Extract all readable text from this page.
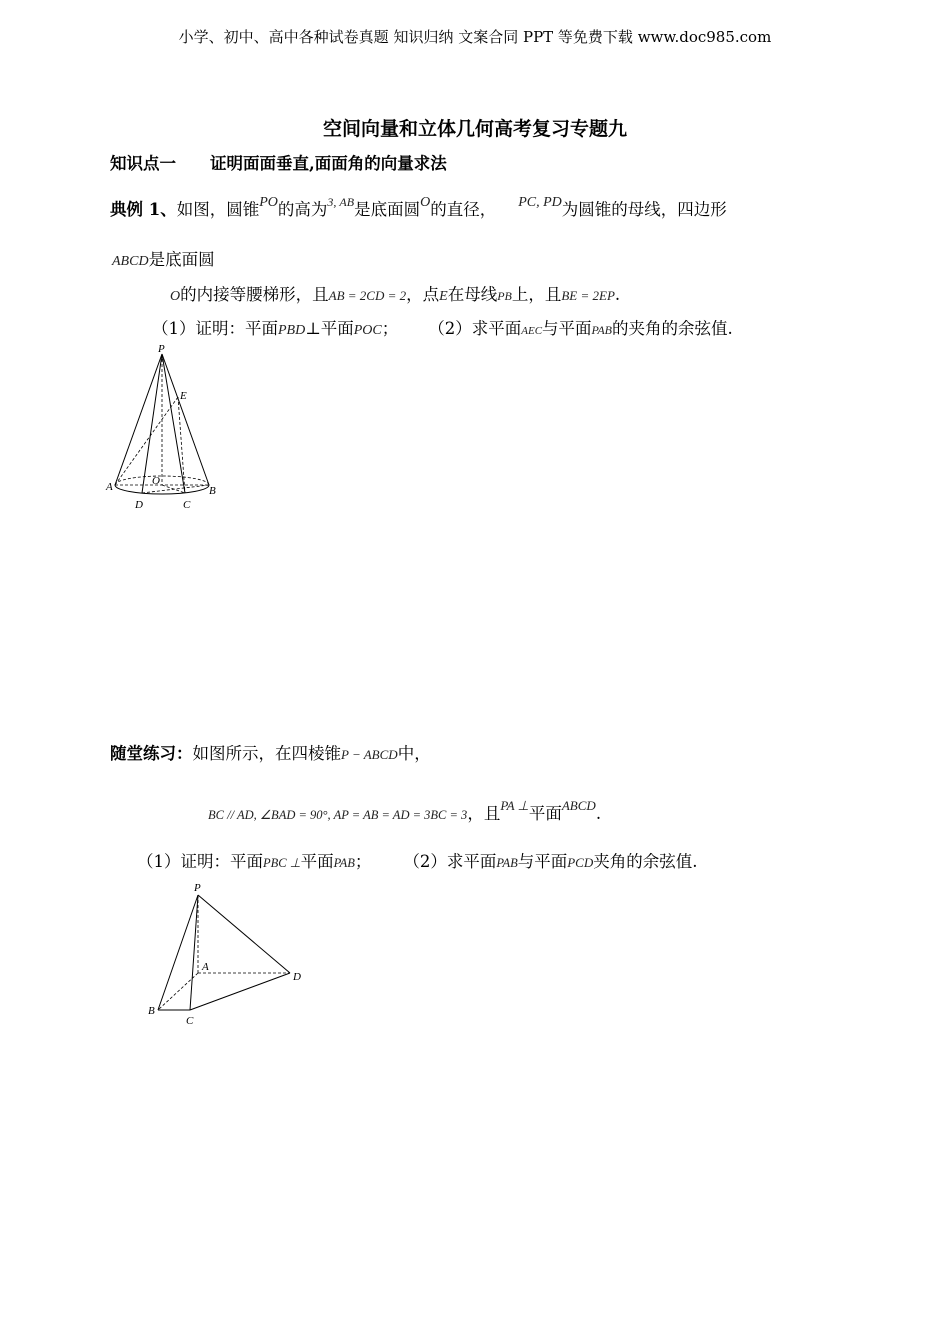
小学、初中、高中各种试卷真题 知识归纳 文案合同 PPT 等免费下载 www.doc985.com
空间向量和立体几何高考复习专题九
知识点一 证明面面垂直,面面角的向量求法
典例 1、如图，圆锥$^{PO}$的高为$^{3, AB}$是底面圆$^O$的直径， $^{PC, PD}$为圆锥的母线，四边形
ABCD是底面圆
O的内接等腰梯形，且AB = 2CD = 2，点E在母线PB上，且BE = 2EP.
（1）证明：平面PBD⊥平面POC； （2）求平面AEC与平面PAB的夹角的余弦值.
P
E
A	O
B
D	C
随堂练习：如图所示，在四棱锥P − ABCD中，
BC // AD, ∠BAD = 90°, AP = AB = AD = 3BC = 3，且$^{PA \perp}$平面$^{ABCD}$.
（1）证明：平面PBC ⊥平面PAB； （2）求平面PAB与平面PCD夹角的余弦值.
P
A
D
B
C
